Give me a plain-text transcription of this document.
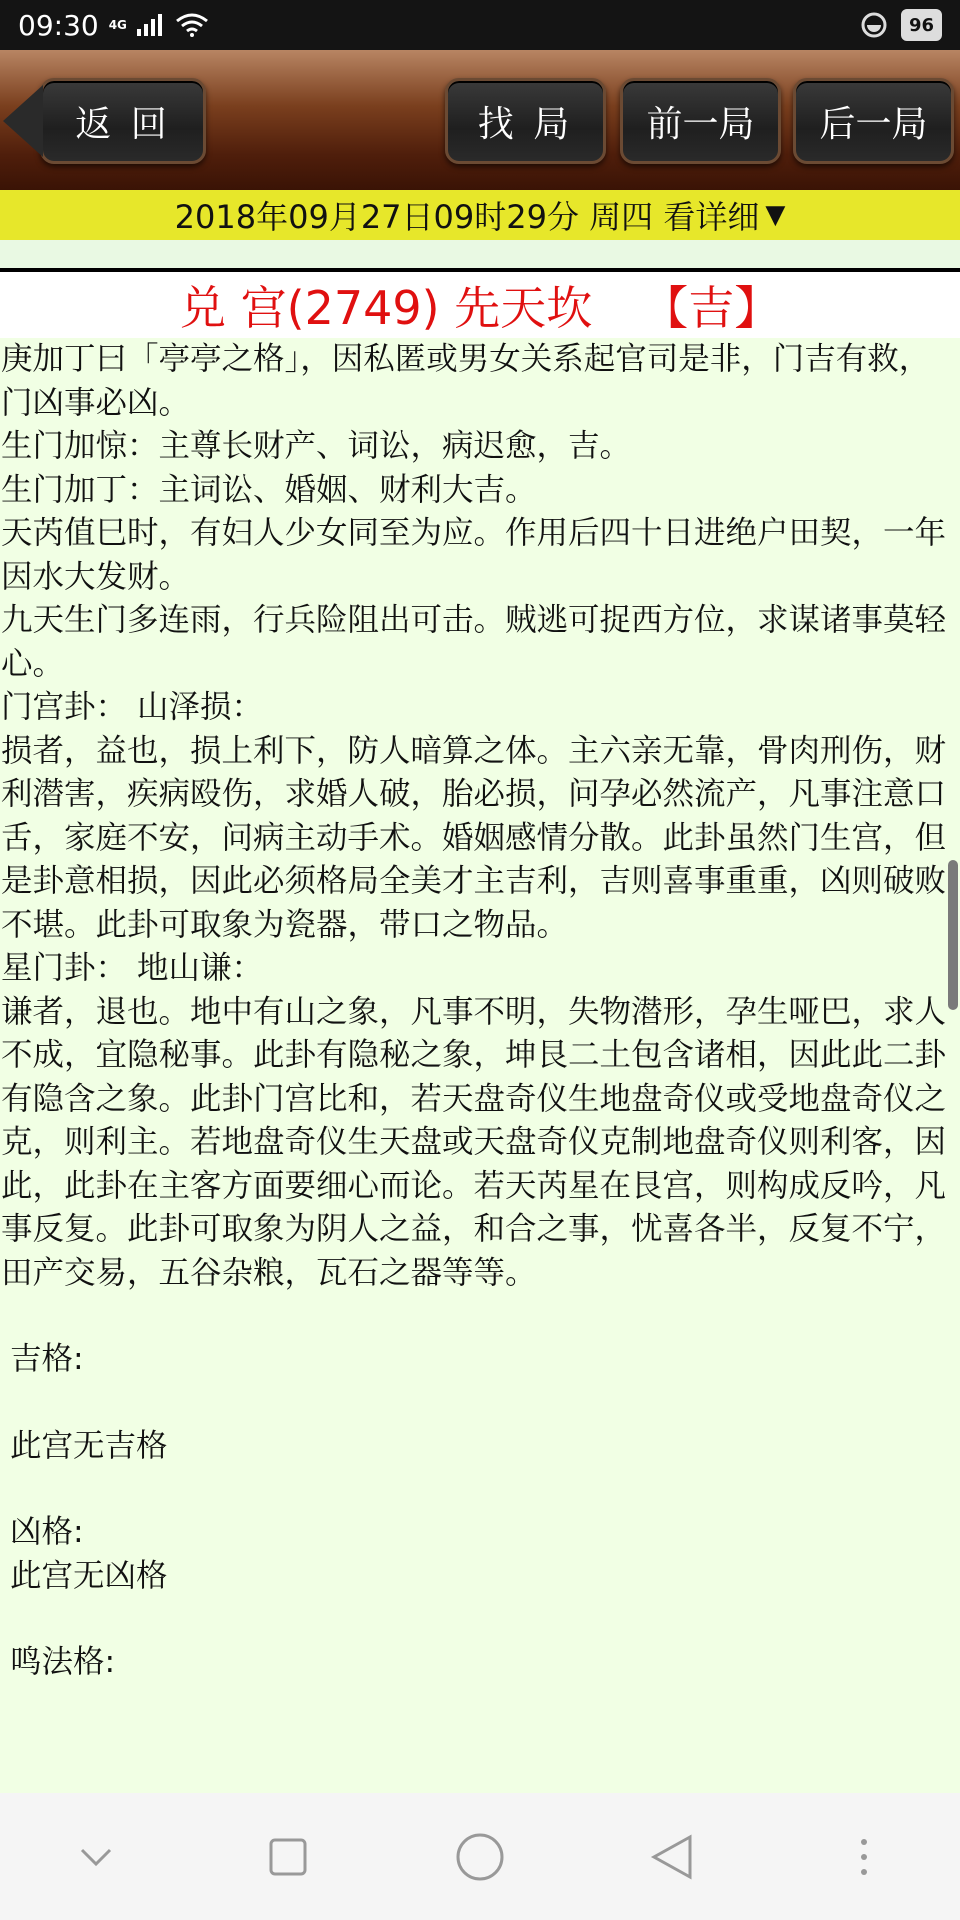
09:30 4G	96
返 回	找 局 前一局 后一局
2018年09月27日09时29分 周四 看详细 ▼
兑 宫(2749) 先天坎 【吉】

庚加丁曰「亭亭之格」，因私匿或男女关系起官司是非，门吉有救，门凶事必凶。

生门加惊：主尊长财产、词讼，病迟愈，吉。

生门加丁：主词讼、婚姻、财利大吉。

天芮值巳时，有妇人少女同至为应。作用后四十日进绝户田契，一年因水大发财。

九天生门多连雨，行兵险阻出可击。贼逃可捉西方位，求谋诸事莫轻心。

门宫卦： 山泽损：

损者，益也，损上利下，防人暗算之体。主六亲无靠，骨肉刑伤，财利潜害，疾病殴伤，求婚人破，胎必损，问孕必然流产，凡事注意口舌，家庭不安，问病主动手术。婚姻感情分散。此卦虽然门生宫，但是卦意相损，因此必须格局全美才主吉利，吉则喜事重重，凶则破败不堪。此卦可取象为瓷器，带口之物品。

星门卦： 地山谦：

谦者，退也。地中有山之象，凡事不明，失物潜形，孕生哑巴，求人不成，宜隐秘事。此卦有隐秘之象，坤艮二土包含诸相，因此此二卦有隐含之象。此卦门宫比和，若天盘奇仪生地盘奇仪或受地盘奇仪之克，则利主。若地盘奇仪生天盘或天盘奇仪克制地盘奇仪则利客，因此，此卦在主客方面要细心而论。若天芮星在艮宫，则构成反吟，凡事反复。此卦可取象为阴人之益，和合之事，忧喜各半，反复不宁，田产交易，五谷杂粮，瓦石之器等等。

吉格:

此宫无吉格

凶格:

此宫无凶格

鸣法格:
